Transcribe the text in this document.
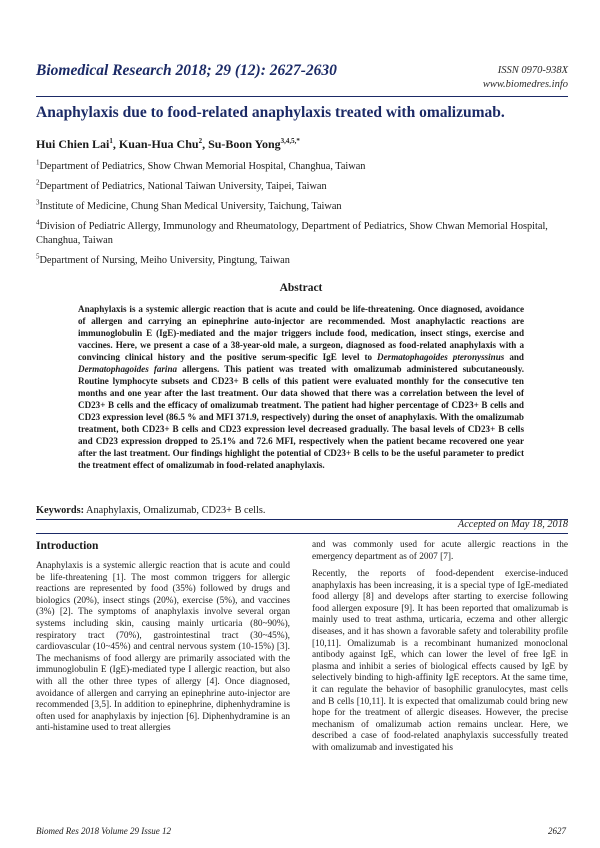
Biomedical Research 2018; 29 (12): 2627-2630	ISSN 0970-938X
www.biomedres.info
Anaphylaxis due to food-related anaphylaxis treated with omalizumab.
Hui Chien Lai$^1$, Kuan-Hua Chu$^2$, Su-Boon Yong$^{3,4,5,*}$
$^1$Department of Pediatrics, Show Chwan Memorial Hospital, Changhua, Taiwan
$^2$Department of Pediatrics, National Taiwan University, Taipei, Taiwan
$^3$Institute of Medicine, Chung Shan Medical University, Taichung, Taiwan
$^4$Division of Pediatric Allergy, Immunology and Rheumatology, Department of Pediatrics, Show Chwan Memorial Hospital, Changhua, Taiwan
$^5$Department of Nursing, Meiho University, Pingtung, Taiwan
Abstract
Anaphylaxis is a systemic allergic reaction that is acute and could be life-threatening. Once diagnosed, avoidance of allergen and carrying an epinephrine auto-injector are recommended. Most anaphylactic reactions are immunoglobulin E (IgE)-mediated and the major triggers include food, medication, insect stings, exercise and vaccines. Here, we present a case of a 38-year-old male, a surgeon, diagnosed as food-related anaphylaxis with a convincing clinical history and the positive serum-specific IgE level to Dermatophagoides pteronyssinus and Dermatophagoides farina allergens. This patient was treated with omalizumab administered subcutaneously. Routine lymphocyte subsets and CD23+ B cells of this patient were evaluated monthly for the consecutive ten months and one year after the last treatment. Our data showed that there was a correlation between the level of CD23+ B cells and the efficacy of omalizumab treatment. The patient had higher percentage of CD23+ B cells and CD23 expression level (86.5 % and MFI 371.9, respectively) during the onset of anaphylaxis. With the omalizumab treatment, both CD23+ B cells and CD23 expression level decreased gradually. The basal levels of CD23+ B cells and CD23 expression dropped to 25.1% and 72.6 MFI, respectively when the patient became recovered one year after the last treatment. Our findings highlight the potential of CD23+ B cells to be the useful parameter to predict the treatment effect of omalizumab in food-related anaphylaxis.
Keywords: Anaphylaxis, Omalizumab, CD23+ B cells.
Accepted on May 18, 2018
Introduction
Anaphylaxis is a systemic allergic reaction that is acute and could be life-threatening [1]. The most common triggers for allergic reactions are represented by food (35%) followed by drugs and biologics (20%), insect stings (20%), exercise (5%), and vaccines (3%) [2]. The symptoms of anaphylaxis involve several organ systems including skin, causing mainly urticaria (80~90%), respiratory tract (70%), gastrointestinal tract (30~45%), cardiovascular (10~45%) and central nervous system (10-15%) [3]. The mechanisms of food allergy are primarily associated with the immunoglobulin E (IgE)-mediated type I allergic reaction, but also with all the other three types of allergy [4]. Once diagnosed, avoidance of allergen and carrying an epinephrine auto-injector are recommended [3,5]. In addition to epinephrine, diphenhydramine is often used for anaphylaxis by injection [6]. Diphenhydramine is an anti-histamine used to treat allergies
and was commonly used for acute allergic reactions in the emergency department as of 2007 [7].
Recently, the reports of food-dependent exercise-induced anaphylaxis has been increasing, it is a special type of IgE-mediated food allergy [8] and develops after starting to exercise following food allergen exposure [9]. It has been reported that omalizumab is mainly used to treat asthma, urticaria, eczema and other allergic diseases, and it has shown a favorable safety and tolerability profile [10,11]. Omalizumab is a recombinant humanized monoclonal antibody against IgE, which can lower the level of free IgE in plasma and inhibit a series of biological effects caused by IgE by selectively binding to high-affinity IgE receptors. At the same time, it can regulate the behavior of basophilic granulocytes, mast cells and B cells [10,11]. It is expected that omalizumab could bring new hope for the treatment of allergic diseases. However, the precise mechanism of omalizumab action remains unclear. Here, we described a case of food-related anaphylaxis successfully treated with omalizumab and investigated his
Biomed Res 2018 Volume 29 Issue 12	2627
